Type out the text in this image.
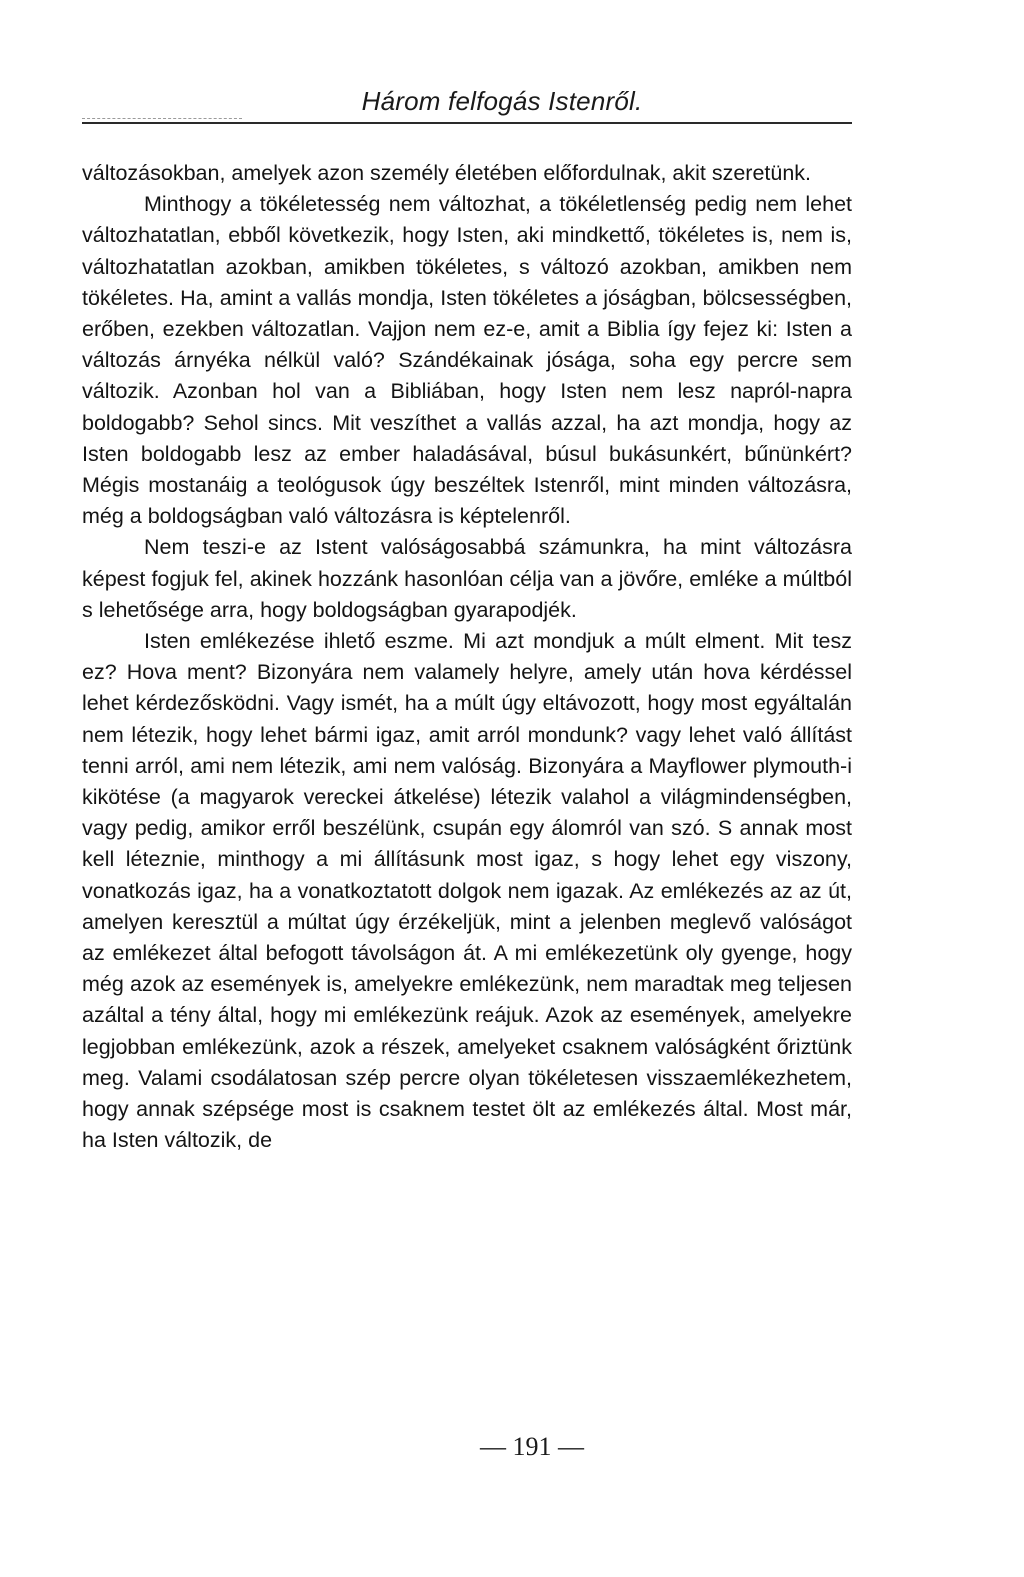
Három felfogás Istenről.

változásokban, amelyek azon személy életében előfordulnak, akit szeretünk.

Minthogy a tökéletesség nem változhat, a tökéletlenség pedig nem lehet változhatatlan, ebből következik, hogy Isten, aki mindkettő, tökéletes is, nem is, változhatatlan azokban, amikben tökéletes, s változó azokban, amikben nem tökéletes. Ha, amint a vallás mondja, Isten tökéletes a jóságban, bölcsességben, erőben, ezekben változatlan. Vajjon nem ez-e, amit a Biblia így fejez ki: Isten a változás árnyéka nélkül való? Szándékainak jósága, soha egy percre sem változik. Azonban hol van a Bibliában, hogy Isten nem lesz napról-napra boldogabb? Sehol sincs. Mit veszíthet a vallás azzal, ha azt mondja, hogy az Isten boldogabb lesz az ember haladásával, búsul bukásunkért, bűnünkért? Mégis mostanáig a teológusok úgy beszéltek Istenről, mint minden változásra, még a boldogságban való változásra is képtelenről.

Nem teszi-e az Istent valóságosabbá számunkra, ha mint változásra képest fogjuk fel, akinek hozzánk hasonlóan célja van a jövőre, emléke a múltból s lehetősége arra, hogy boldogságban gyarapodjék.

Isten emlékezése ihlető eszme. Mi azt mondjuk a múlt elment. Mit tesz ez? Hova ment? Bizonyára nem valamely helyre, amely után hova kérdéssel lehet kérdezősködni. Vagy ismét, ha a múlt úgy eltávozott, hogy most egyáltalán nem létezik, hogy lehet bármi igaz, amit arról mondunk? vagy lehet való állítást tenni arról, ami nem létezik, ami nem valóság. Bizonyára a Mayflower plymouth-i kikötése (a magyarok vereckei átkelése) létezik valahol a világmindenségben, vagy pedig, amikor erről beszélünk, csupán egy álomról van szó. S annak most kell léteznie, minthogy a mi állításunk most igaz, s hogy lehet egy viszony, vonatkozás igaz, ha a vonatkoztatott dolgok nem igazak. Az emlékezés az az út, amelyen keresztül a múltat úgy érzékeljük, mint a jelenben meglevő valóságot az emlékezet által befogott távolságon át. A mi emlékezetünk oly gyenge, hogy még azok az események is, amelyekre emlékezünk, nem maradtak meg teljesen azáltal a tény által, hogy mi emlékezünk reájuk. Azok az események, amelyekre legjobban emlékezünk, azok a részek, amelyeket csaknem valóságként őriztünk meg. Valami csodálatosan szép percre olyan tökéletesen visszaemlékezhetem, hogy annak szépsége most is csaknem testet ölt az emlékezés által. Most már, ha Isten változik, de

— 191 —
